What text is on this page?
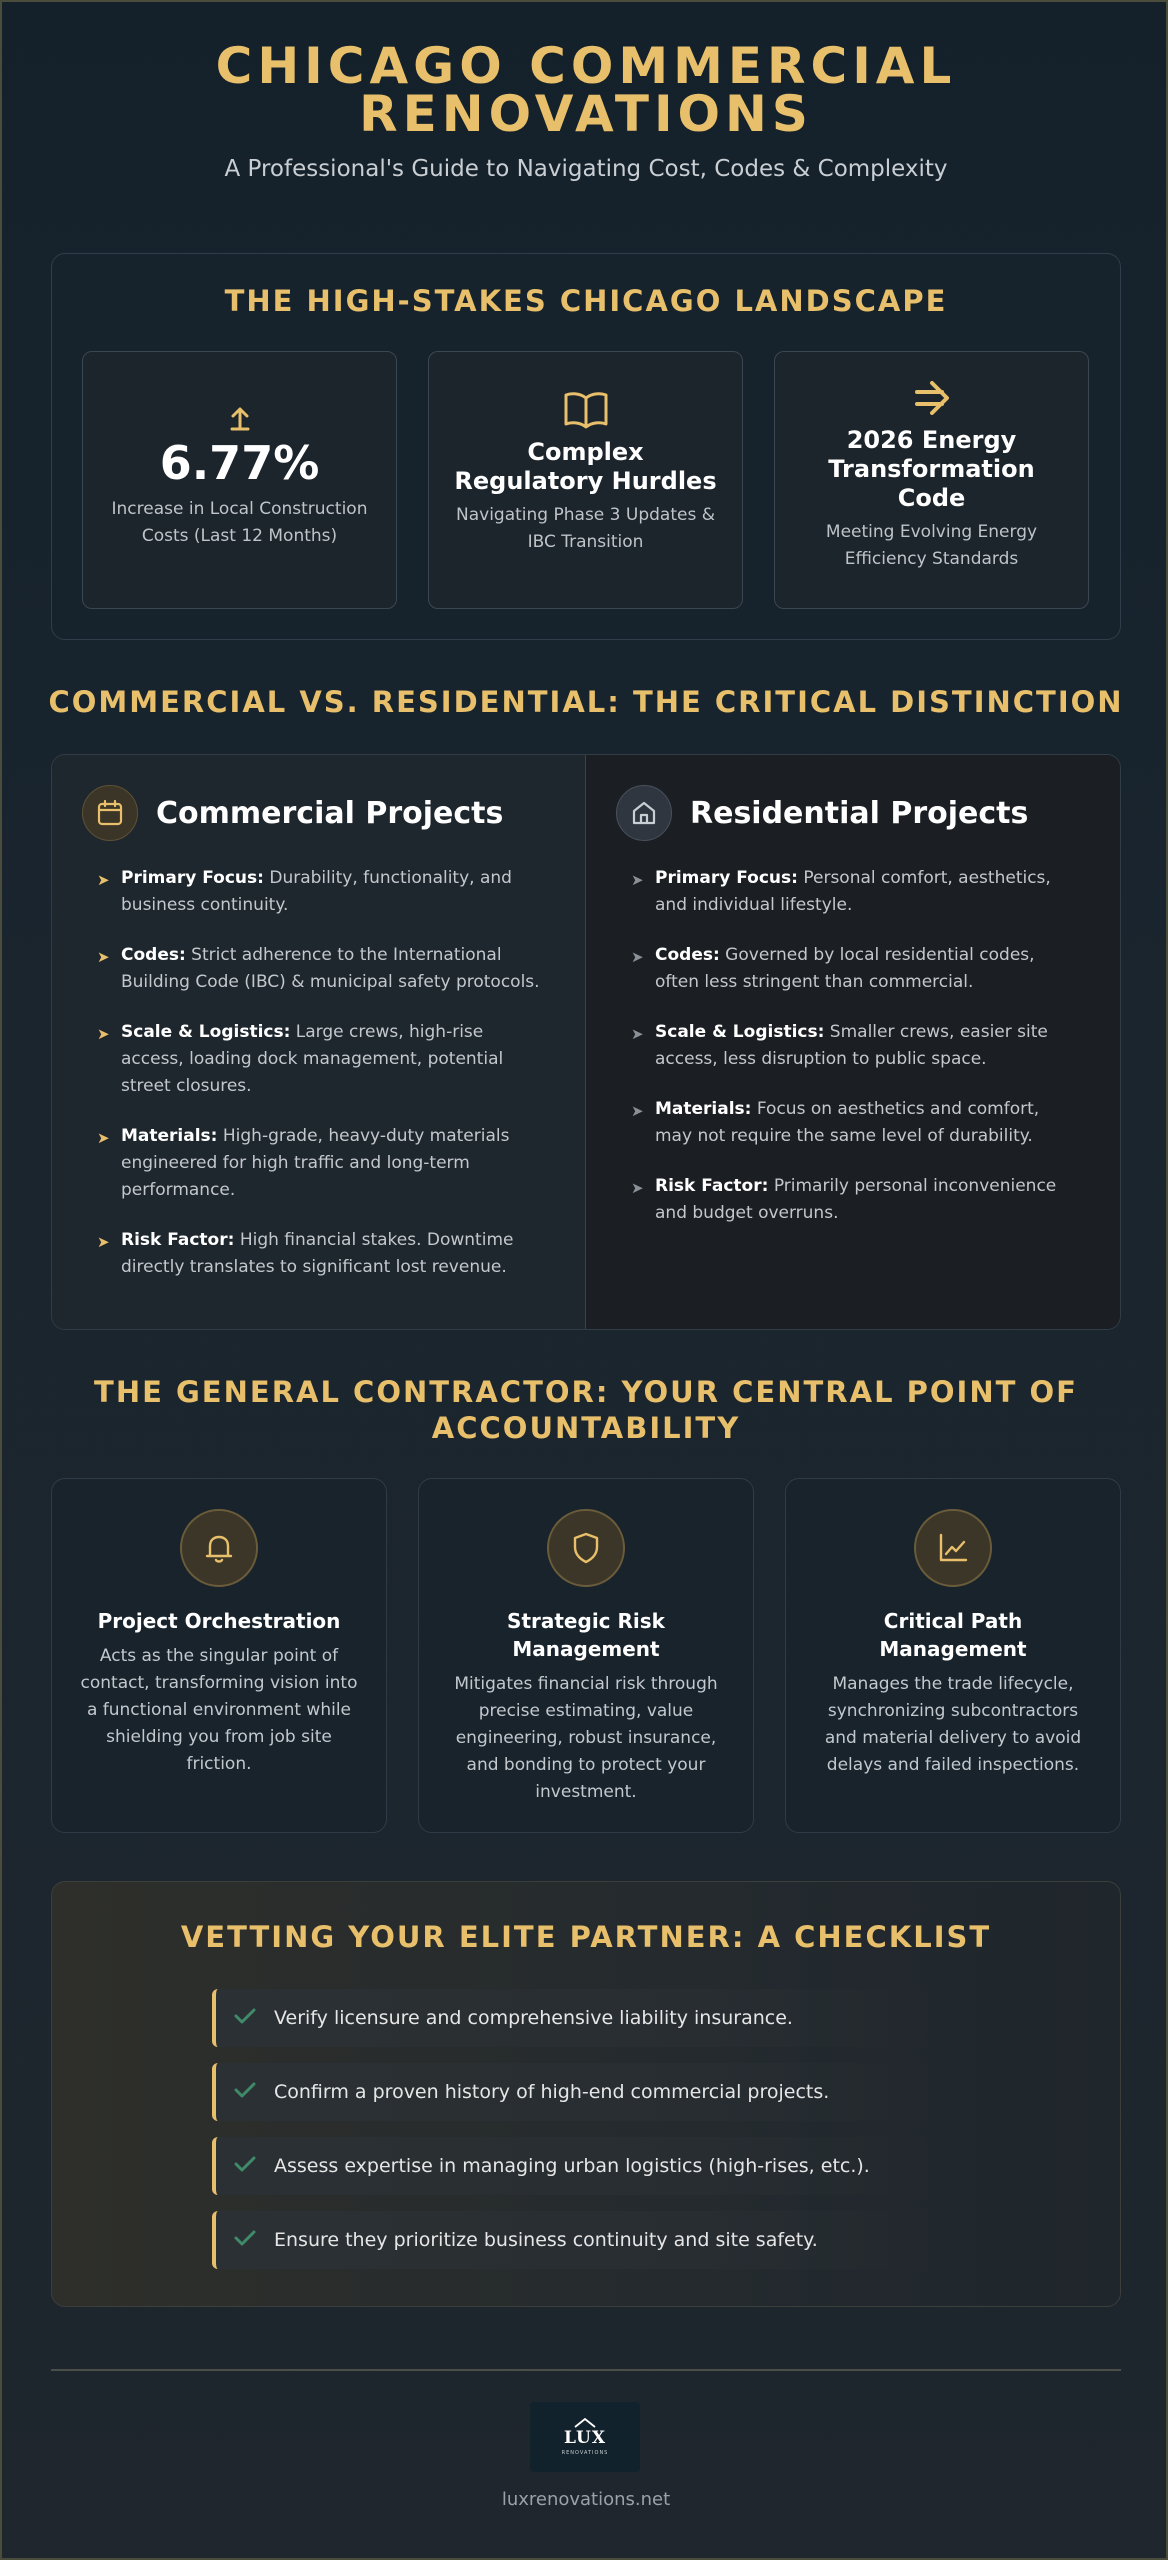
CHICAGO COMMERCIAL RENOVATIONS

A Professional's Guide to Navigating Cost, Codes & Complexity

THE HIGH-STAKES CHICAGO LANDSCAPE
6.77%
Increase in Local Construction Costs (Last 12 Months)
Complex Regulatory Hurdles
Navigating Phase 3 Updates & IBC Transition
2026 Energy Transformation Code
Meeting Evolving Energy Efficiency Standards
COMMERCIAL VS. RESIDENTIAL: THE CRITICAL DISTINCTION
Commercial Projects
➤ Primary Focus: Durability, functionality, and business continuity.
➤ Codes: Strict adherence to the International Building Code (IBC) & municipal safety protocols.
➤ Scale & Logistics: Large crews, high-rise access, loading dock management, potential street closures.
➤ Materials: High-grade, heavy-duty materials engineered for high traffic and long-term performance.
➤ Risk Factor: High financial stakes. Downtime directly translates to significant lost revenue.
Residential Projects
➤ Primary Focus: Personal comfort, aesthetics, and individual lifestyle.
➤ Codes: Governed by local residential codes, often less stringent than commercial.
➤ Scale & Logistics: Smaller crews, easier site access, less disruption to public space.
➤ Materials: Focus on aesthetics and comfort, may not require the same level of durability.
➤ Risk Factor: Primarily personal inconvenience and budget overruns.
THE GENERAL CONTRACTOR: YOUR CENTRAL POINT OF ACCOUNTABILITY
Project Orchestration
Acts as the singular point of contact, transforming vision into a functional environment while shielding you from job site friction.
Strategic Risk Management
Mitigates financial risk through precise estimating, value engineering, robust insurance, and bonding to protect your investment.
Critical Path Management
Manages the trade lifecycle, synchronizing subcontractors and material delivery to avoid delays and failed inspections.
VETTING YOUR ELITE PARTNER: A CHECKLIST
Verify licensure and comprehensive liability insurance.
Confirm a proven history of high-end commercial projects.
Assess expertise in managing urban logistics (high-rises, etc.).
Ensure they prioritize business continuity and site safety.
LUX
RENOVATIONS
luxrenovations.net
